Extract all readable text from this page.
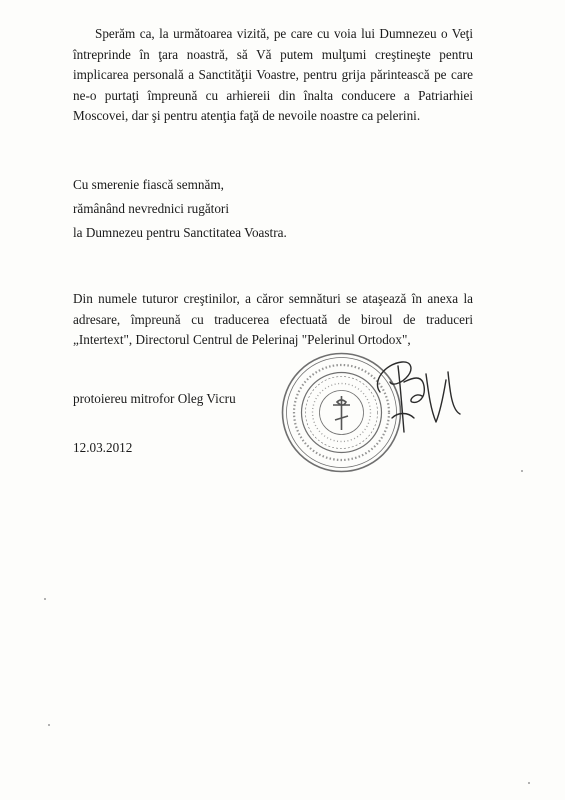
Sperăm ca, la următoarea vizită, pe care cu voia lui Dumnezeu o Veţi întreprinde în ţara noastră, să Vă putem mulţumi creştineşte pentru implicarea personală a Sanctităţii Voastre, pentru grija părintească pe care ne-o purtaţi împreună cu arhiereii din înalta conducere a Patriarhiei Moscovei, dar şi pentru atenţia faţă de nevoile noastre ca pelerini.

Cu smerenie fiască semnăm,
rămânând nevrednici rugători
la Dumnezeu pentru Sanctitatea Voastra.

Din numele tuturor creştinilor, a căror semnături se ataşează în anexa la adresare, împreună cu traducerea efectuată de biroul de traduceri „Intertext", Directorul Centrul de Pelerinaj "Pelerinul Ortodox",

protoiereu mitrofor Oleg Vicru
12.03.2012
